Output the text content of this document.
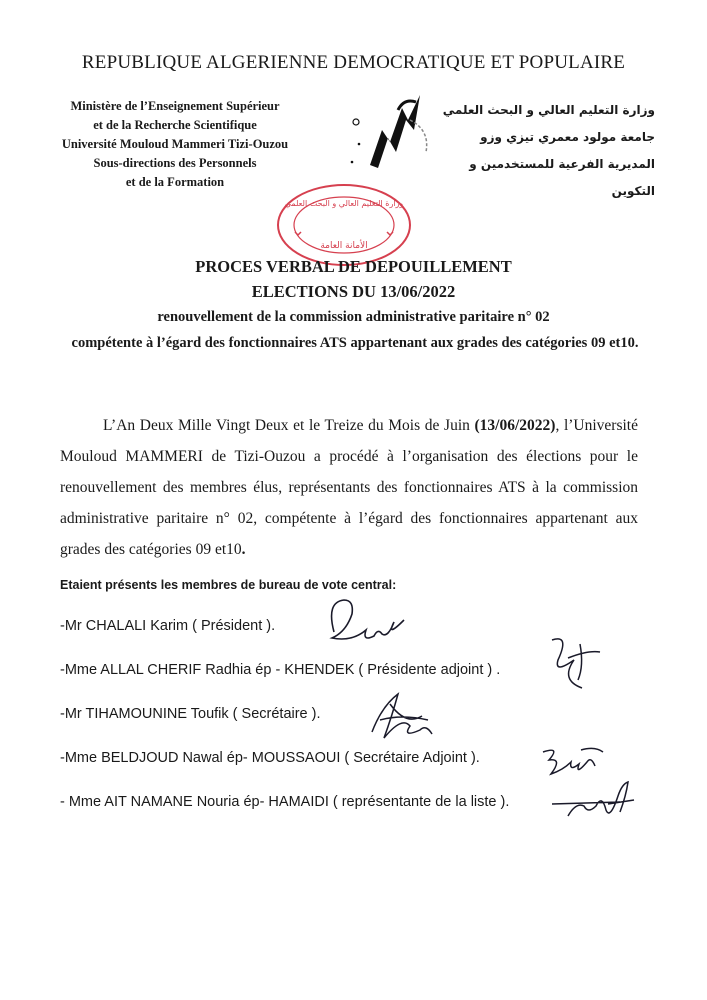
REPUBLIQUE ALGERIENNE DEMOCRATIQUE ET POPULAIRE
Ministère de l’Enseignement Supérieur
et de la Recherche Scientifique
Université Mouloud Mammeri Tizi-Ouzou
Sous-directions des Personnels
et de la Formation
وزارة التعليم العالي و البحث العلمي
جامعة مولود معمري تيزي وزو
المديرية الفرعية للمستخدمين و التكوين
وزارة التعليم العالي و البحث العلمي
الأمانة العامة
PROCES VERBAL DE DEPOUILLEMENT
ELECTIONS DU 13/06/2022
renouvellement de la commission administrative paritaire n° 02
compétente à l’égard des fonctionnaires ATS appartenant aux grades des catégories 09 et10.
L’An Deux Mille Vingt Deux et le Treize du Mois de Juin (13/06/2022), l’Université Mouloud MAMMERI de Tizi-Ouzou a procédé à l’organisation des élections pour le renouvellement des membres élus, représentants des fonctionnaires ATS à la commission administrative paritaire n° 02, compétente à l’égard des fonctionnaires appartenant aux grades des catégories 09 et10.
Etaient présents les membres de bureau de vote central:
-Mr CHALALI Karim ( Président ).
-Mme ALLAL CHERIF Radhia ép - KHENDEK ( Présidente adjoint ) .
-Mr TIHAMOUNINE Toufik ( Secrétaire ).
-Mme BELDJOUD Nawal ép- MOUSSAOUI ( Secrétaire Adjoint ).
- Mme AIT NAMANE Nouria ép- HAMAIDI ( représentante de la liste ).
